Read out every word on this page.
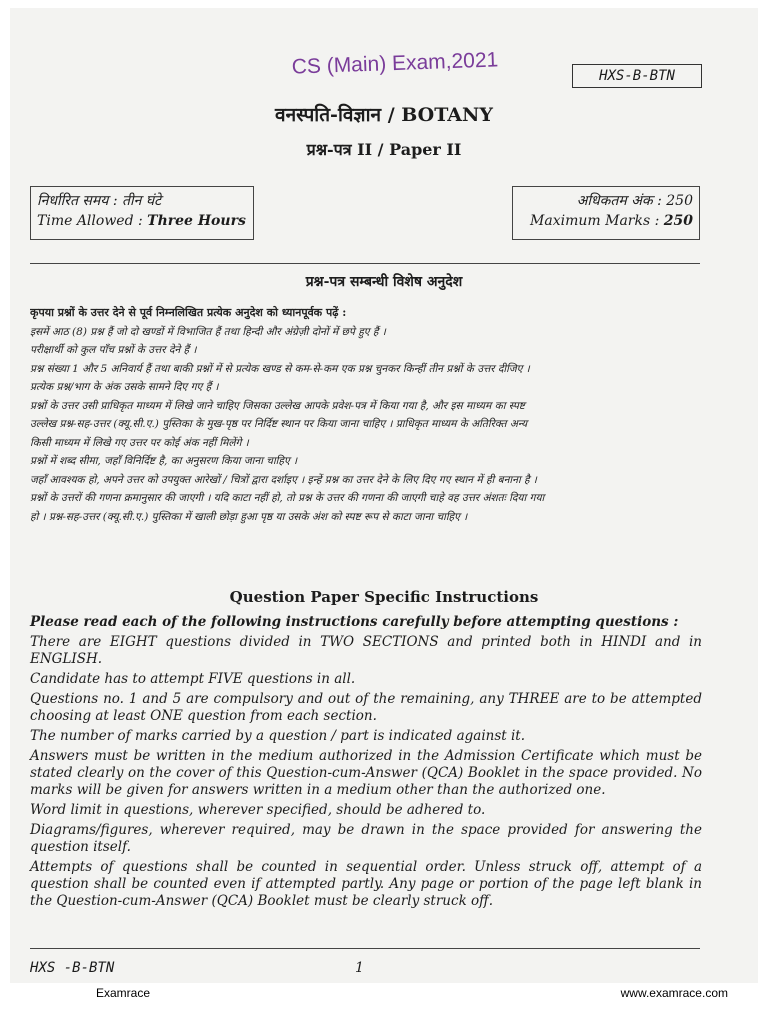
CS (Main) Exam,2021	HXS-B-BTN
वनस्पति-विज्ञान / BOTANY
प्रश्न-पत्र II / Paper II
निर्धारित समय : तीन घंटे
Time Allowed : Three Hours
अधिकतम अंक : 250
Maximum Marks : 250
प्रश्न-पत्र सम्बन्धी विशेष अनुदेश
कृपया प्रश्नों के उत्तर देने से पूर्व निम्नलिखित प्रत्येक अनुदेश को ध्यानपूर्वक पढ़ें :
इसमें आठ (8) प्रश्न हैं जो दो खण्डों में विभाजित हैं तथा हिन्दी और अंग्रेज़ी दोनों में छपे हुए हैं ।
परीक्षार्थी को कुल पाँच प्रश्नों के उत्तर देने हैं ।
प्रश्न संख्या 1 और 5 अनिवार्य हैं तथा बाकी प्रश्नों में से प्रत्येक खण्ड से कम-से-कम एक प्रश्न चुनकर किन्हीं तीन प्रश्नों के उत्तर दीजिए ।
प्रत्येक प्रश्न/भाग के अंक उसके सामने दिए गए हैं ।
प्रश्नों के उत्तर उसी प्राधिकृत माध्यम में लिखे जाने चाहिए जिसका उल्लेख आपके प्रवेश-पत्र में किया गया है, और इस माध्यम का स्पष्ट
उल्लेख प्रश्न-सह-उत्तर (क्यू.सी.ए.) पुस्तिका के मुख-पृष्ठ पर निर्दिष्ट स्थान पर किया जाना चाहिए । प्राधिकृत माध्यम के अतिरिक्त अन्य
किसी माध्यम में लिखे गए उत्तर पर कोई अंक नहीं मिलेंगे ।
प्रश्नों में शब्द सीमा, जहाँ विनिर्दिष्ट है, का अनुसरण किया जाना चाहिए ।
जहाँ आवश्यक हो, अपने उत्तर को उपयुक्त आरेखों / चित्रों द्वारा दर्शाइए । इन्हें प्रश्न का उत्तर देने के लिए दिए गए स्थान में ही बनाना है ।
प्रश्नों के उत्तरों की गणना क्रमानुसार की जाएगी । यदि काटा नहीं हो, तो प्रश्न के उत्तर की गणना की जाएगी चाहे वह उत्तर अंशतः दिया गया
हो । प्रश्न-सह-उत्तर (क्यू.सी.ए.) पुस्तिका में खाली छोड़ा हुआ पृष्ठ या उसके अंश को स्पष्ट रूप से काटा जाना चाहिए ।
Question Paper Specific Instructions

Please read each of the following instructions carefully before attempting questions :

There are EIGHT questions divided in TWO SECTIONS and printed both in HINDI and in ENGLISH.

Candidate has to attempt FIVE questions in all.

Questions no. 1 and 5 are compulsory and out of the remaining, any THREE are to be attempted choosing at least ONE question from each section.

The number of marks carried by a question / part is indicated against it.

Answers must be written in the medium authorized in the Admission Certificate which must be stated clearly on the cover of this Question-cum-Answer (QCA) Booklet in the space provided. No marks will be given for answers written in a medium other than the authorized one.

Word limit in questions, wherever specified, should be adhered to.

Diagrams/figures, wherever required, may be drawn in the space provided for answering the question itself.

Attempts of questions shall be counted in sequential order. Unless struck off, attempt of a question shall be counted even if attempted partly. Any page or portion of the page left blank in the Question-cum-Answer (QCA) Booklet must be clearly struck off.

HXS -B-BTN	1
Examrace	www.examrace.com
